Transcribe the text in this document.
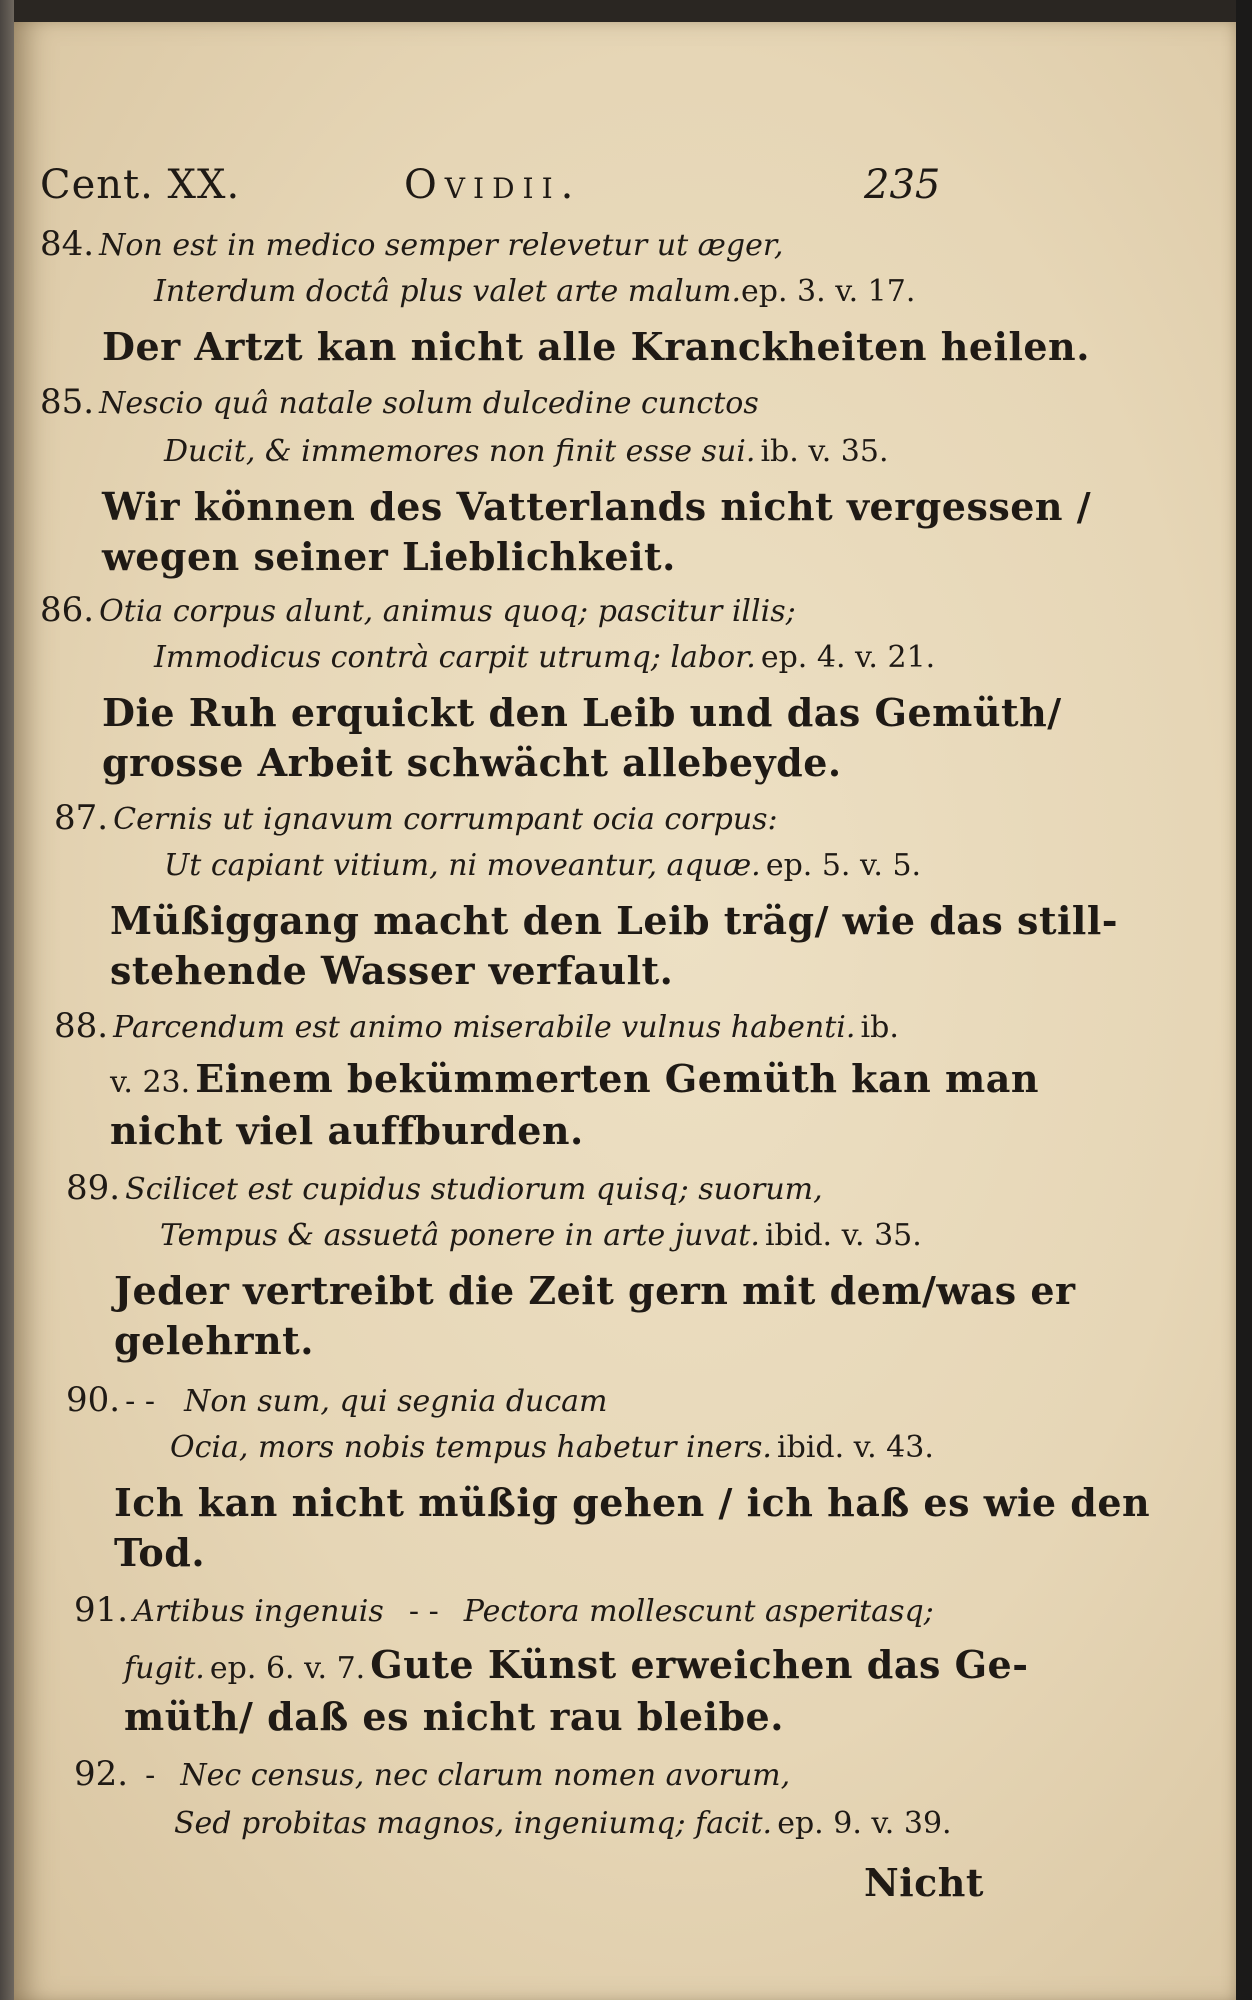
Cent. XX.	Ovidii.	235
84. Non est in medico semper relevetur ut æger,
Interdum doctâ plus valet arte malum.ep. 3. v. 17.
Der Artzt kan nicht alle Kranckheiten heilen.
85. Nescio quâ natale solum dulcedine cunctos
Ducit, & immemores non finit esse sui. ib. v. 35.
Wir können des Vatterlands nicht vergessen /
wegen seiner Lieblichkeit.
86. Otia corpus alunt, animus quoq; pascitur illis;
Immodicus contrà carpit utrumq; labor. ep. 4. v. 21.
Die Ruh erquickt den Leib und das Gemüth/
grosse Arbeit schwächt allebeyde.
87. Cernis ut ignavum corrumpant ocia corpus:
Ut capiant vitium, ni moveantur, aquæ. ep. 5. v. 5.
Müßiggang macht den Leib träg/ wie das still-
stehende Wasser verfault.
88. Parcendum est animo miserabile vulnus habenti. ib.
v. 23. Einem bekümmerten Gemüth kan man
nicht viel auffburden.
89. Scilicet est cupidus studiorum quisq; suorum,
Tempus & assuetâ ponere in arte juvat. ibid. v. 35.
Jeder vertreibt die Zeit gern mit dem/was er
gelehrnt.
90. - - Non sum, qui segnia ducam
Ocia, mors nobis tempus habetur iners. ibid. v. 43.
Ich kan nicht müßig gehen / ich haß es wie den
Tod.
91. Artibus ingenuis - - Pectora mollescunt asperitasq;
fugit. ep. 6. v. 7. Gute Künst erweichen das Ge-
müth/ daß es nicht rau bleibe.
92. - Nec census, nec clarum nomen avorum,
Sed probitas magnos, ingeniumq; facit. ep. 9. v. 39.
Nicht
